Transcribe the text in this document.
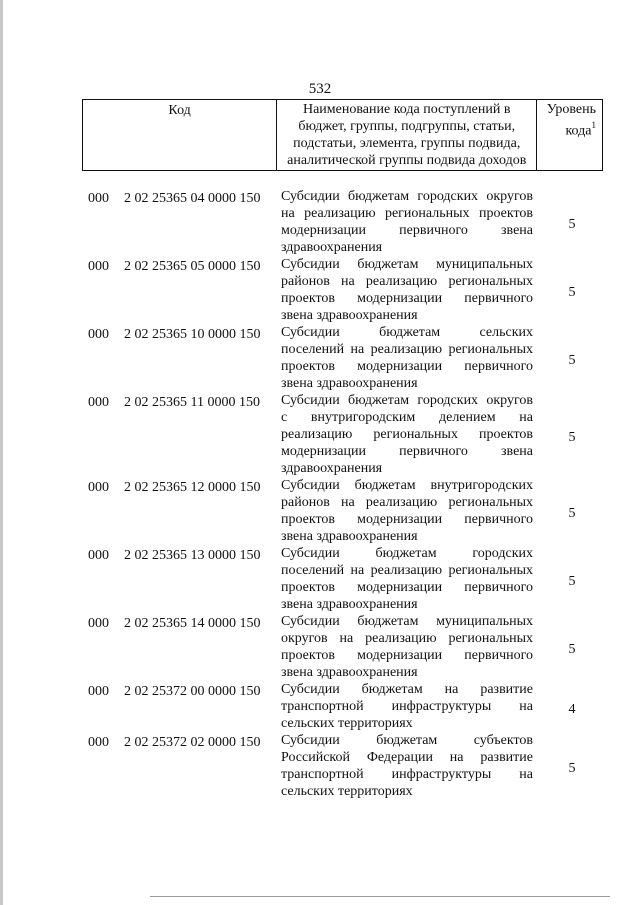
532
Код	Наименование кода поступлений в
бюджет, группы, подгруппы, статьи,
подстатьи, элемента, группы подвида,
аналитической группы подвида доходов
Уровень
кода$^1$
000	2 02 25365 04 0000 150	Субсидии бюджетам городских округов
на реализацию региональных проектов
модернизации первичного звена
здравоохранения
5
000	2 02 25365 05 0000 150	Субсидии бюджетам муниципальных
районов на реализацию региональных
проектов модернизации первичного
звена здравоохранения
5
000	2 02 25365 10 0000 150	Субсидии бюджетам сельских
поселений на реализацию региональных
проектов модернизации первичного
звена здравоохранения
5
000	2 02 25365 11 0000 150	Субсидии бюджетам городских округов
с внутригородским делением на
реализацию региональных проектов
модернизации первичного звена
здравоохранения
5
000	2 02 25365 12 0000 150	Субсидии бюджетам внутригородских
районов на реализацию региональных
проектов модернизации первичного
звена здравоохранения
5
000	2 02 25365 13 0000 150	Субсидии бюджетам городских
поселений на реализацию региональных
проектов модернизации первичного
звена здравоохранения
5
000	2 02 25365 14 0000 150	Субсидии бюджетам муниципальных
округов на реализацию региональных
проектов модернизации первичного
звена здравоохранения
5
000	2 02 25372 00 0000 150	Субсидии бюджетам на развитие
транспортной инфраструктуры на
сельских территориях
4
000	2 02 25372 02 0000 150	Субсидии бюджетам субъектов
Российской Федерации на развитие
транспортной инфраструктуры на
сельских территориях
5
